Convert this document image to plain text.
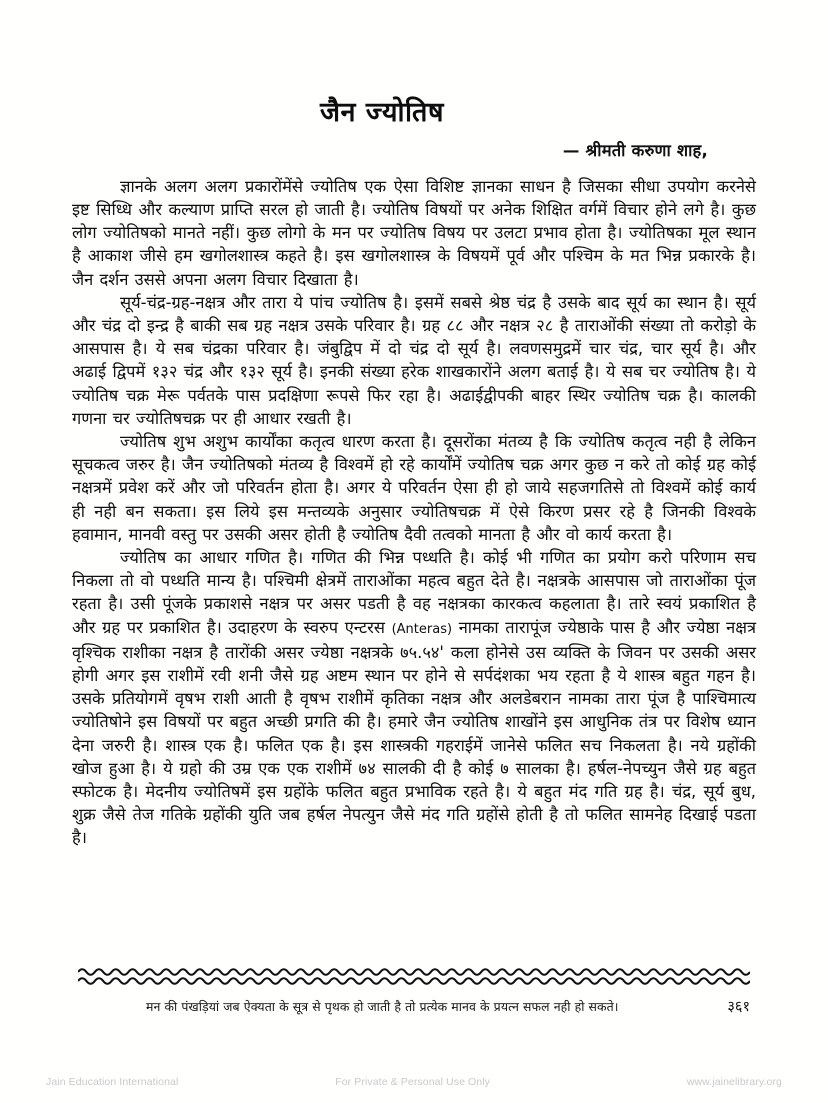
जैन ज्योतिष
— श्रीमती करुणा शाह,

ज्ञानके अलग अलग प्रकारोंमेंसे ज्योतिष एक ऐसा विशिष्ट ज्ञानका साधन है जिसका सीधा उपयोग करनेसे इष्ट सिध्धि और कल्याण प्राप्ति सरल हो जाती है। ज्योतिष विषयों पर अनेक शिक्षित वर्गमें विचार होने लगे है। कुछ लोग ज्योतिषको मानते नहीं। कुछ लोगो के मन पर ज्योतिष विषय पर उलटा प्रभाव होता है। ज्योतिषका मूल स्थान है आकाश जीसे हम खगोलशास्त्र कहते है। इस खगोलशास्त्र के विषयमें पूर्व और पश्चिम के मत भिन्न प्रकारके है। जैन दर्शन उससे अपना अलग विचार दिखाता है।

सूर्य-चंद्र-ग्रह-नक्षत्र और तारा ये पांच ज्योतिष है। इसमें सबसे श्रेष्ठ चंद्र है उसके बाद सूर्य का स्थान है। सूर्य और चंद्र दो इन्द्र है बाकी सब ग्रह नक्षत्र उसके परिवार है। ग्रह ८८ और नक्षत्र २८ है ताराओंकी संख्या तो करोड़ो के आसपास है। ये सब चंद्रका परिवार है। जंबुद्विप में दो चंद्र दो सूर्य है। लवणसमुद्रमें चार चंद्र, चार सूर्य है। और अढाई द्विपमें १३२ चंद्र और १३२ सूर्य है। इनकी संख्या हरेक शाखकारोंने अलग बताई है। ये सब चर ज्योतिष है। ये ज्योतिष चक्र मेरू पर्वतके पास प्रदक्षिणा रूपसे फिर रहा है। अढाईद्वीपकी बाहर स्थिर ज्योतिष चक्र है। कालकी गणना चर ज्योतिषचक्र पर ही आधार रखती है।

ज्योतिष शुभ अशुभ कार्योंका कतृत्व धारण करता है। दूसरोंका मंतव्य है कि ज्योतिष कतृत्व नही है लेकिन सूचकत्व जरुर है। जैन ज्योतिषको मंतव्य है विश्वमें हो रहे कार्योंमें ज्योतिष चक्र अगर कुछ न करे तो कोई ग्रह कोई नक्षत्रमें प्रवेश करें और जो परिवर्तन होता है। अगर ये परिवर्तन ऐसा ही हो जाये सहजगतिसे तो विश्वमें कोई कार्य ही नही बन सकता। इस लिये इस मन्तव्यके अनुसार ज्योतिषचक्र में ऐसे किरण प्रसर रहे है जिनकी विश्वके हवामान, मानवी वस्तु पर उसकी असर होती है ज्योतिष दैवी तत्वको मानता है और वो कार्य करता है।

ज्योतिष का आधार गणित है। गणित की भिन्न पध्धति है। कोई भी गणित का प्रयोग करो परिणाम सच निकला तो वो पध्धति मान्य है। पश्चिमी क्षेत्रमें ताराओंका महत्व बहुत देते है। नक्षत्रके आसपास जो ताराओंका पूंज रहता है। उसी पूंजके प्रकाशसे नक्षत्र पर असर पडती है वह नक्षत्रका कारकत्व कहलाता है। तारे स्वयं प्रकाशित है और ग्रह पर प्रकाशित है। उदाहरण के स्वरुप एन्टरस (Anteras) नामका तारापूंज ज्येष्ठाके पास है और ज्येष्ठा नक्षत्र वृश्चिक राशीका नक्षत्र है तारोंकी असर ज्येष्ठा नक्षत्रके ७५.५४' कला होनेसे उस व्यक्ति के जिवन पर उसकी असर होगी अगर इस राशीमें रवी शनी जैसे ग्रह अष्टम स्थान पर होने से सर्पदंशका भय रहता है ये शास्त्र बहुत गहन है। उसके प्रतियोगमें वृषभ राशी आती है वृषभ राशीमें कृतिका नक्षत्र और अलडेबरान नामका तारा पूंज है पाश्चिमात्य ज्योतिषोने इस विषयों पर बहुत अच्छी प्रगति की है। हमारे जैन ज्योतिष शाखोंने इस आधुनिक तंत्र पर विशेष ध्यान देना जरुरी है। शास्त्र एक है। फलित एक है। इस शास्त्रकी गहराईमें जानेसे फलित सच निकलता है। नये ग्रहोंकी खोज हुआ है। ये ग्रहो की उम्र एक एक राशीमें ७४ सालकी दी है कोई ७ सालका है। हर्षल-नेपच्युन जैसे ग्रह बहुत स्फोटक है। मेदनीय ज्योतिषमें इस ग्रहोंके फलित बहुत प्रभाविक रहते है। ये बहुत मंद गति ग्रह है। चंद्र, सूर्य बुध, शुक्र जैसे तेज गतिके ग्रहोंकी युति जब हर्षल नेपत्युन जैसे मंद गति ग्रहोंसे होती है तो फलित सामनेह दिखाई पडता है।

मन की पंखड़ियां जब ऐक्यता के सूत्र से पृथक हो जाती है तो प्रत्येक मानव के प्रयत्न सफल नही हो सकते।	३६१
Jain Education International	For Private & Personal Use Only	www.jainelibrary.org
